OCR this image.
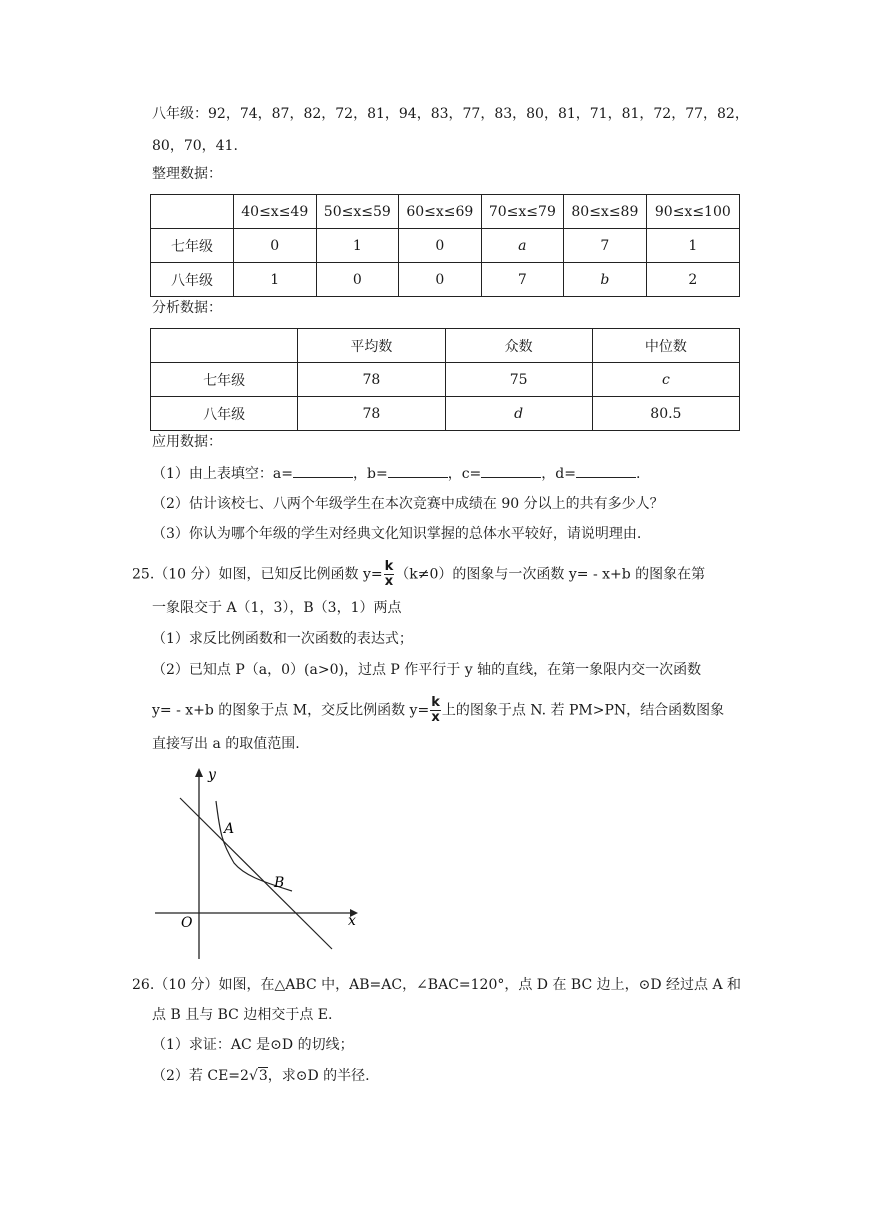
八年级：92，74，87，82，72，81，94，83，77，83，80，81，71，81，72，77，82，
80，70，41.
整理数据：
	40≤x≤49	50≤x≤59	60≤x≤69	70≤x≤79	80≤x≤89	90≤x≤100
七年级	0	1	0	a	7	1
八年级	1	0	0	7	b	2
分析数据：
	平均数	众数	中位数
七年级	78	75	c
八年级	78	d	80.5
应用数据：
（1）由上表填空：a=	，b=	，c=	，d=	.
（2）估计该校七、八两个年级学生在本次竞赛中成绩在 90 分以上的共有多少人？
（3）你认为哪个年级的学生对经典文化知识掌握的总体水平较好，请说明理由.
25.（10 分）如图，已知反比例函数 $y= \frac{k}{x} (k\ne 0)$的图象与一次函数 y= - x+b 的图象在第
一象限交于 A（1，3），B（3，1）两点
（1）求反比例函数和一次函数的表达式；
（2）已知点 P（a，0）(a>0)，过点 P 作平行于 y 轴的直线，在第一象限内交一次函数
y= - x+b 的图象于点 M，交反比例函数 $y= \frac{k}{x}$ 上的图象于点 N. 若 PM>PN，结合函数图象
直接写出 a 的取值范围.
y
x
O
A
B
26.（10 分）如图，在△ABC 中，AB=AC，∠BAC=120°，点 D 在 BC 边上，⊙D 经过点 A 和
点 B 且与 BC 边相交于点 E.
（1）求证：AC 是⊙D 的切线；
（2）若 CE=2√3，求⊙D 的半径.
